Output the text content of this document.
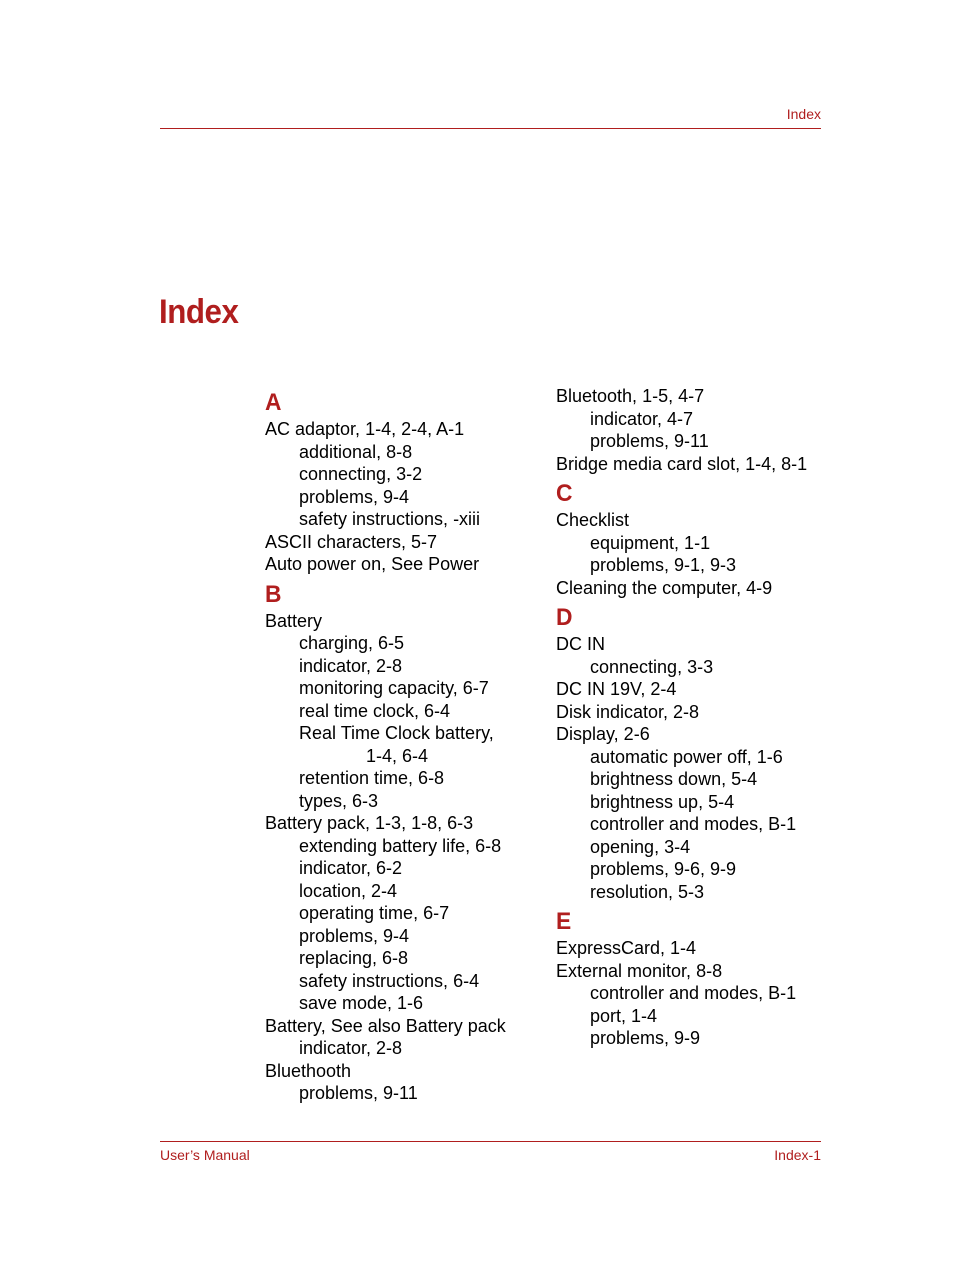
Index
Index
A
AC adaptor, 1-4, 2-4, A-1
additional, 8-8
connecting, 3-2
problems, 9-4
safety instructions, -xiii
ASCII characters, 5-7
Auto power on, See Power
B
Battery
charging, 6-5
indicator, 2-8
monitoring capacity, 6-7
real time clock, 6-4
Real Time Clock battery,
1-4, 6-4
retention time, 6-8
types, 6-3
Battery pack, 1-3, 1-8, 6-3
extending battery life, 6-8
indicator, 6-2
location, 2-4
operating time, 6-7
problems, 9-4
replacing, 6-8
safety instructions, 6-4
save mode, 1-6
Battery, See also Battery pack
indicator, 2-8
Bluethooth
problems, 9-11
Bluetooth, 1-5, 4-7
indicator, 4-7
problems, 9-11
Bridge media card slot, 1-4, 8-1
C
Checklist
equipment, 1-1
problems, 9-1, 9-3
Cleaning the computer, 4-9
D
DC IN
connecting, 3-3
DC IN 19V, 2-4
Disk indicator, 2-8
Display, 2-6
automatic power off, 1-6
brightness down, 5-4
brightness up, 5-4
controller and modes, B-1
opening, 3-4
problems, 9-6, 9-9
resolution, 5-3
E
ExpressCard, 1-4
External monitor, 8-8
controller and modes, B-1
port, 1-4
problems, 9-9
User’s Manual	Index-1
